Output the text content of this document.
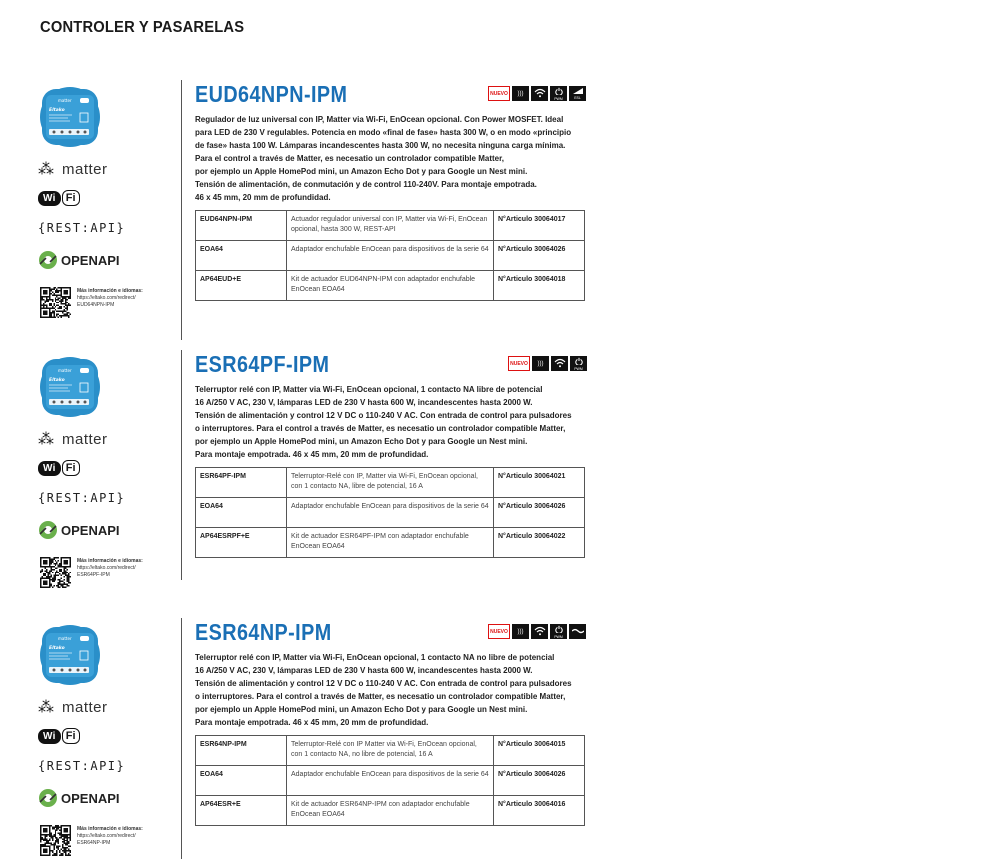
CONTROLER Y PASARELAS
matter
Eltako
⁂ matter
Wi Fi
{REST:API}
OPENAPI
Más información e idiomas:
https://eltako.com/redirect/
EUD64NPN-IPM
EUD64NPN-IPM	NUEVO	)))
PWM	ESL
Regulador de luz universal con IP, Matter via Wi-Fi, EnOcean opcional. Con Power MOSFET. Ideal
para LED de 230 V regulables. Potencia en modo «final de fase» hasta 300 W, o en modo «principio
de fase» hasta 100 W. Lámparas incandescentes hasta 300 W, no necesita ninguna carga mínima.
Para el control a través de Matter, es necesatio un controlador compatible Matter,
por ejemplo un Apple HomePod mini, un Amazon Echo Dot y para Google un Nest mini.
Tensión de alimentación, de conmutación y de control 110-240V. Para montaje empotrada.
46 x 45 mm, 20 mm de profundidad.
EUD64NPN-IPM	Actuador regulador universal con IP, Matter via Wi-Fi, EnOcean opcional, hasta 300 W, REST-API	N°Articulo 30064017
EOA64	Adaptador enchufable EnOcean para dispositivos de la serie 64	N°Articulo 30064026
AP64EUD+E	Kit de actuador EUD64NPN-IPM con adaptador enchufable EnOcean EOA64	N°Articulo 30064018
matter
Eltako
⁂ matter
Wi Fi
{REST:API}
OPENAPI
Más información e idiomas:
https://eltako.com/redirect/
ESR64PF-IPM
ESR64PF-IPM	NUEVO	)))
PWM
Telerruptor relé con IP, Matter via Wi-Fi, EnOcean opcional, 1 contacto NA libre de potencial
16 A/250 V AC, 230 V, lámparas LED de 230 V hasta 600 W, incandescentes hasta 2000 W.
Tensión de alimentación y control 12 V DC o 110-240 V AC. Con entrada de control para pulsadores
o interruptores. Para el control a través de Matter, es necesatio un controlador compatible Matter,
por ejemplo un Apple HomePod mini, un Amazon Echo Dot y para Google un Nest mini.
Para montaje empotrada. 46 x 45 mm, 20 mm de profundidad.
ESR64PF-IPM	Telerruptor-Relé con IP, Matter via Wi-Fi, EnOcean opcional, con 1 contacto NA, libre de potencial, 16 A	N°Articulo 30064021
EOA64	Adaptador enchufable EnOcean para dispositivos de la serie 64	N°Articulo 30064026
AP64ESRPF+E	Kit de actuador ESR64PF-IPM con adaptador enchufable EnOcean EOA64	N°Articulo 30064022
matter
Eltako
⁂ matter
Wi Fi
{REST:API}
OPENAPI
Más información e idiomas:
https://eltako.com/redirect/
ESR64NP-IPM
ESR64NP-IPM	NUEVO	)))
PWM
Telerruptor relé con IP, Matter via Wi-Fi, EnOcean opcional, 1 contacto NA no libre de potencial
16 A/250 V AC, 230 V, lámparas LED de 230 V hasta 600 W, incandescentes hasta 2000 W.
Tensión de alimentación y control 12 V DC o 110-240 V AC. Con entrada de control para pulsadores
o interruptores. Para el control a través de Matter, es necesatio un controlador compatible Matter,
por ejemplo un Apple HomePod mini, un Amazon Echo Dot y para Google un Nest mini.
Para montaje empotrada. 46 x 45 mm, 20 mm de profundidad.
ESR64NP-IPM	Telerruptor-Relé con IP Matter via Wi-Fi, EnOcean opcional, con 1 contacto NA, no libre de potencial, 16 A	N°Articulo 30064015
EOA64	Adaptador enchufable EnOcean para dispositivos de la serie 64	N°Articulo 30064026
AP64ESR+E	Kit de actuador ESR64NP-IPM con adaptador enchufable EnOcean EOA64	N°Articulo 30064016
